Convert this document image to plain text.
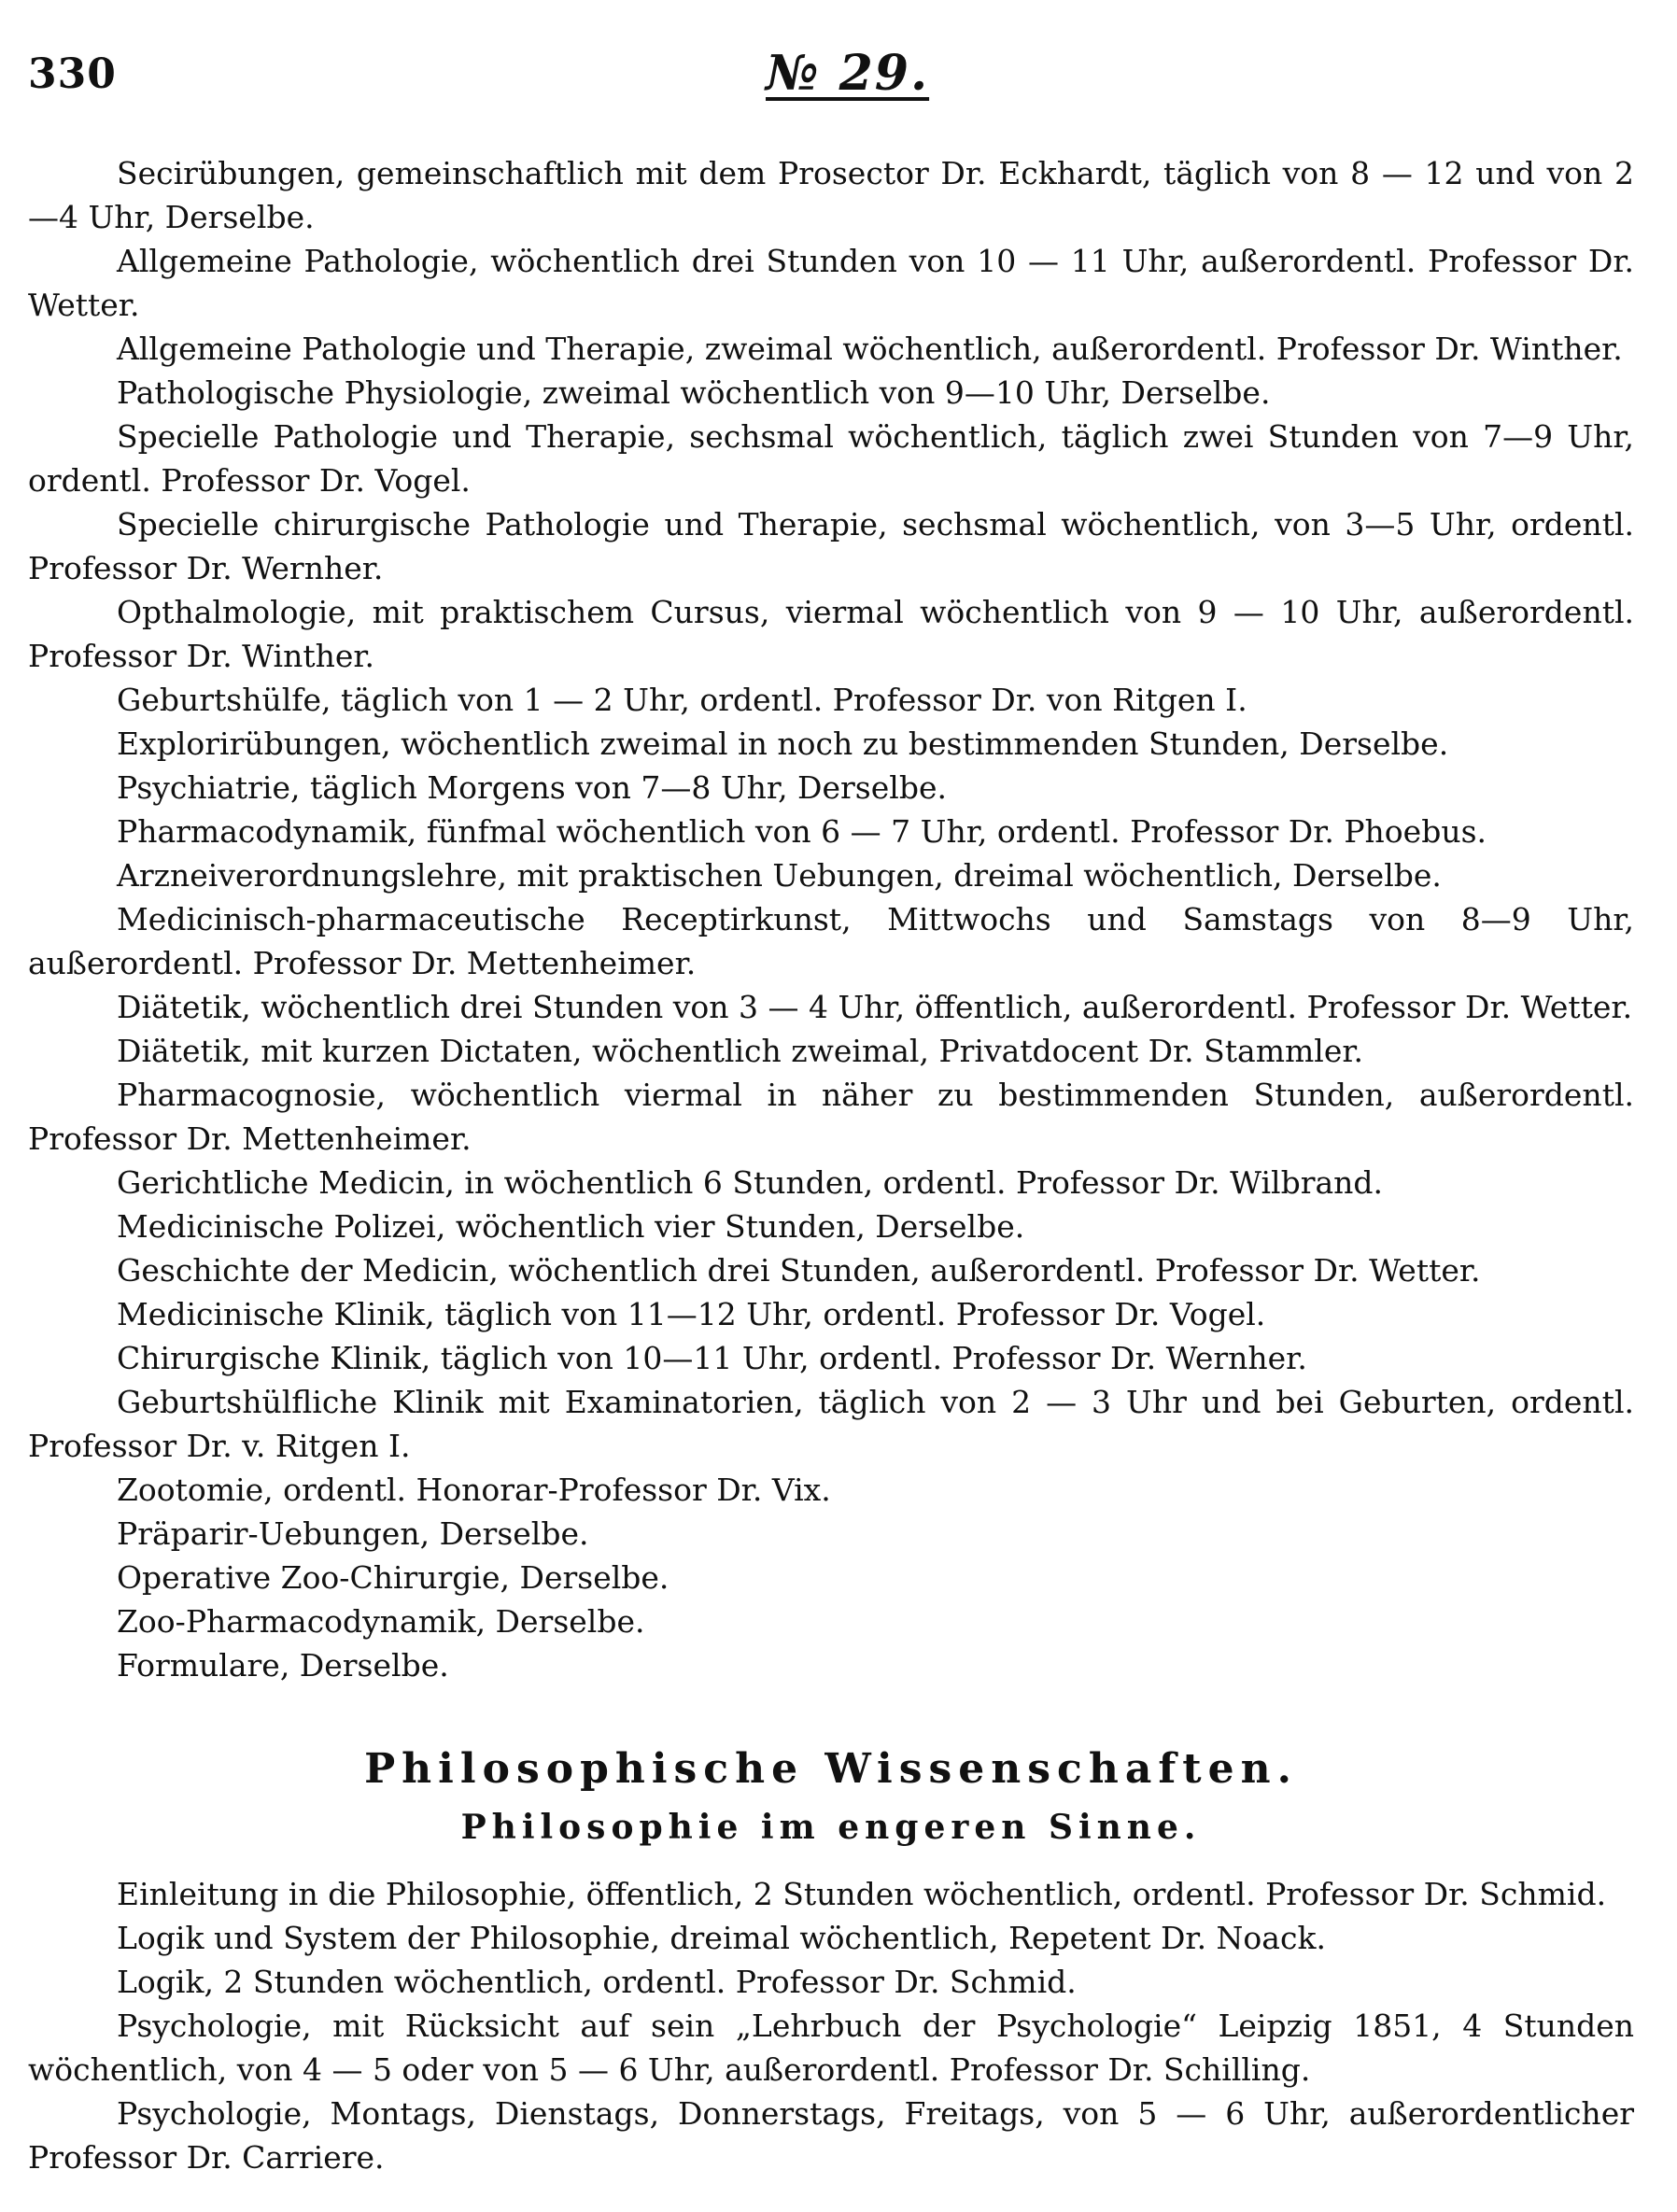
330	№ 29.

Secirübungen, gemeinschaftlich mit dem Prosector Dr. Eckhardt, täglich von 8 — 12 und von 2—4 Uhr, Derselbe.

Allgemeine Pathologie, wöchentlich drei Stunden von 10 — 11 Uhr, außerordentl. Professor Dr. Wetter.

Allgemeine Pathologie und Therapie, zweimal wöchentlich, außerordentl. Professor Dr. Winther.

Pathologische Physiologie, zweimal wöchentlich von 9—10 Uhr, Derselbe.

Specielle Pathologie und Therapie, sechsmal wöchentlich, täglich zwei Stunden von 7—9 Uhr, ordentl. Professor Dr. Vogel.

Specielle chirurgische Pathologie und Therapie, sechsmal wöchentlich, von 3—5 Uhr, ordentl. Professor Dr. Wernher.

Opthalmologie, mit praktischem Cursus, viermal wöchentlich von 9 — 10 Uhr, außerordentl. Professor Dr. Winther.

Geburtshülfe, täglich von 1 — 2 Uhr, ordentl. Professor Dr. von Ritgen I.

Explorirübungen, wöchentlich zweimal in noch zu bestimmenden Stunden, Derselbe.

Psychiatrie, täglich Morgens von 7—8 Uhr, Derselbe.

Pharmacodynamik, fünfmal wöchentlich von 6 — 7 Uhr, ordentl. Professor Dr. Phoebus.

Arzneiverordnungslehre, mit praktischen Uebungen, dreimal wöchentlich, Derselbe.

Medicinisch-pharmaceutische Receptirkunst, Mittwochs und Samstags von 8—9 Uhr, außerordentl. Professor Dr. Mettenheimer.

Diätetik, wöchentlich drei Stunden von 3 — 4 Uhr, öffentlich, außerordentl. Professor Dr. Wetter.

Diätetik, mit kurzen Dictaten, wöchentlich zweimal, Privatdocent Dr. Stammler.

Pharmacognosie, wöchentlich viermal in näher zu bestimmenden Stunden, außerordentl. Professor Dr. Mettenheimer.

Gerichtliche Medicin, in wöchentlich 6 Stunden, ordentl. Professor Dr. Wilbrand.

Medicinische Polizei, wöchentlich vier Stunden, Derselbe.

Geschichte der Medicin, wöchentlich drei Stunden, außerordentl. Professor Dr. Wetter.

Medicinische Klinik, täglich von 11—12 Uhr, ordentl. Professor Dr. Vogel.

Chirurgische Klinik, täglich von 10—11 Uhr, ordentl. Professor Dr. Wernher.

Geburtshülfliche Klinik mit Examinatorien, täglich von 2 — 3 Uhr und bei Geburten, ordentl. Professor Dr. v. Ritgen I.

Zootomie, ordentl. Honorar-Professor Dr. Vix.

Präparir-Uebungen, Derselbe.

Operative Zoo-Chirurgie, Derselbe.

Zoo-Pharmacodynamik, Derselbe.

Formulare, Derselbe.

Philosophische Wissenschaften.
Philosophie im engeren Sinne.

Einleitung in die Philosophie, öffentlich, 2 Stunden wöchentlich, ordentl. Professor Dr. Schmid.

Logik und System der Philosophie, dreimal wöchentlich, Repetent Dr. Noack.

Logik, 2 Stunden wöchentlich, ordentl. Professor Dr. Schmid.

Psychologie, mit Rücksicht auf sein „Lehrbuch der Psychologie“ Leipzig 1851, 4 Stunden wöchentlich, von 4 — 5 oder von 5 — 6 Uhr, außerordentl. Professor Dr. Schilling.

Psychologie, Montags, Dienstags, Donnerstags, Freitags, von 5 — 6 Uhr, außerordentlicher Professor Dr. Carriere.
